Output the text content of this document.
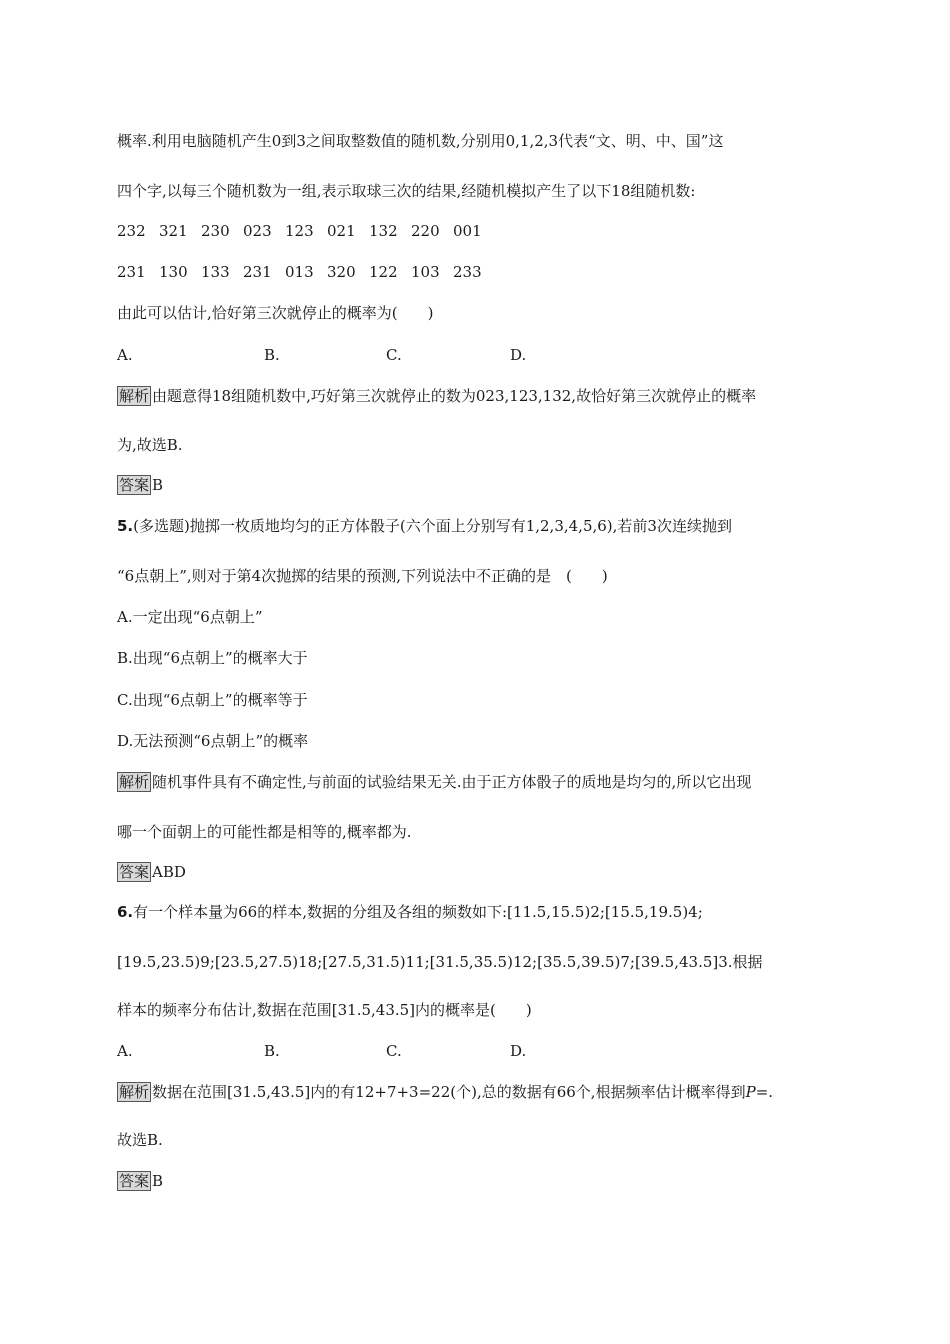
概率.利用电脑随机产生0到3之间取整数值的随机数,分别用0,1,2,3代表“文、明、中、国”这
四个字,以每三个随机数为一组,表示取球三次的结果,经随机模拟产生了以下18组随机数:
232 321 230 023 123 021 132 220 001
231 130 133 231 013 320 122 103 233
由此可以估计,恰好第三次就停止的概率为(　　)
A.	B.	C.	D.
解析 由题意得18组随机数中,巧好第三次就停止的数为023,123,132,故恰好第三次就停止的概率
为,故选B.
答案 B
5.(多选题)抛掷一枚质地均匀的正方体骰子(六个面上分别写有1,2,3,4,5,6),若前3次连续抛到
“6点朝上”,则对于第4次抛掷的结果的预测,下列说法中不正确的是　(　　)
A.一定出现“6点朝上”
B.出现“6点朝上”的概率大于
C.出现“6点朝上”的概率等于
D.无法预测“6点朝上”的概率
解析 随机事件具有不确定性,与前面的试验结果无关.由于正方体骰子的质地是均匀的,所以它出现
哪一个面朝上的可能性都是相等的,概率都为.
答案 ABD
6.有一个样本量为66的样本,数据的分组及各组的频数如下:[11.5,15.5)2;[15.5,19.5)4;
[19.5,23.5)9;[23.5,27.5)18;[27.5,31.5)11;[31.5,35.5)12;[35.5,39.5)7;[39.5,43.5]3.根据
样本的频率分布估计,数据在范围[31.5,43.5]内的概率是(　　)
A.	B.	C.	D.
解析 数据在范围[31.5,43.5]内的有12+7+3=22(个),总的数据有66个,根据频率估计概率得到P=.
故选B.
答案 B
